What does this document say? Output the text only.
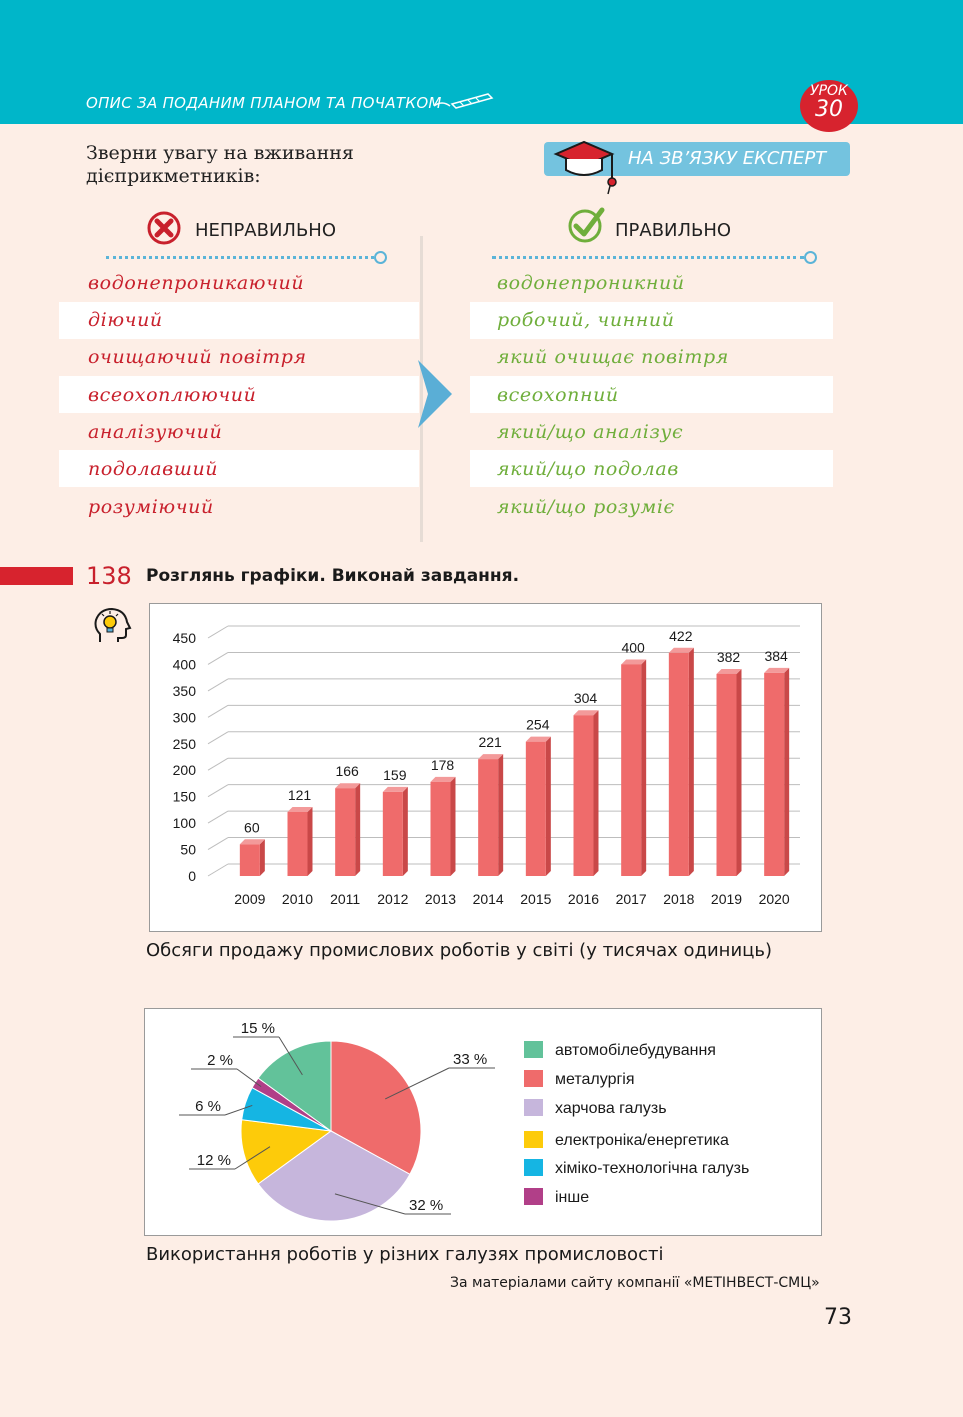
ОПИС ЗА ПОДАНИМ ПЛАНОМ ТА ПОЧАТКОМ
УРОК
30
Зверни увагу на вживання
дієприкметників:
НА ЗВ’ЯЗКУ ЕКСПЕРТ
НЕПРАВИЛЬНО	ПРАВИЛЬНО
водонепроникаючий
діючий
очищаючий повітря
всеохоплюючий
аналізуючий
подолавший
розуміючий
водонепроникний
робочий, чинний
який очищає повітря
всеохопний
який/що аналізує
який/що подолав
який/що розуміє
138 Розглянь графіки. Виконай завдання.
0
50
100
150
200
250
300
350
400
450
60
2009
121
2010
166
2011
159
2012
178
2013
221
2014
254
2015
304
2016
400
2017
422
2018
382
2019
384
2020
Обсяги продажу промислових роботів у світі (у тисячах одиниць)
15 %
33 %
32 %
12 %
6 %
2 %
автомобілебудування
металургія
харчова галузь
електроніка/енергетика
хіміко-технологічна галузь
інше
Використання роботів у різних галузях промисловості
За матеріалами сайту компанії «МЕТІНВЕСТ-СМЦ»
73
